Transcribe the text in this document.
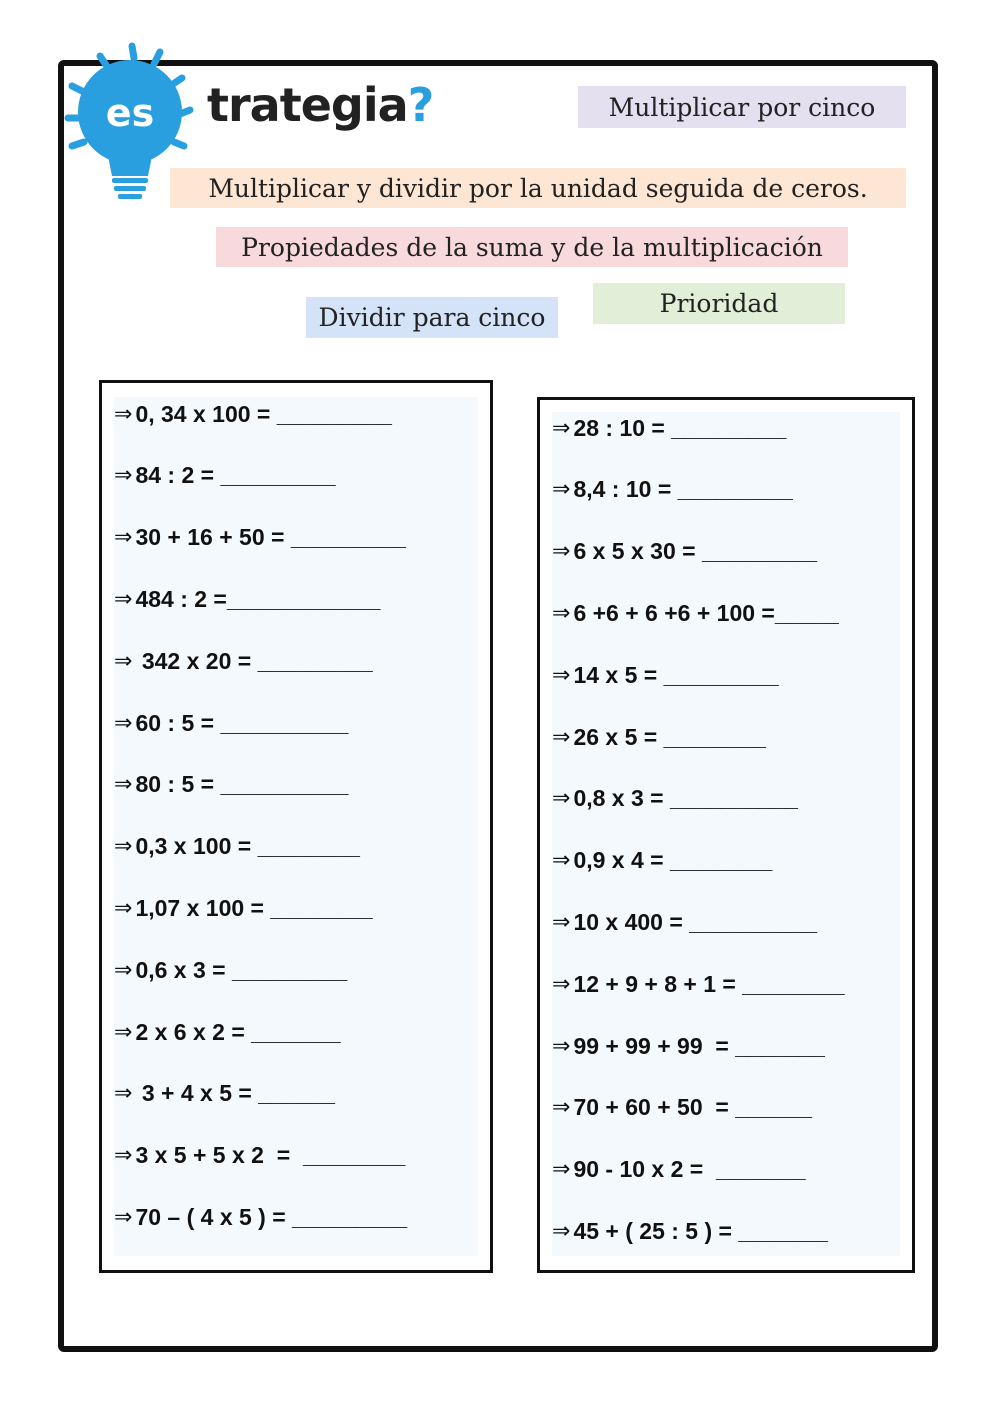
es trategia?	Multiplicar por cinco
Multiplicar y dividir por la unidad seguida de ceros.
Propiedades de la suma y de la multiplicación
Dividir para cinco	Prioridad
⇒ 0, 34 x 100 = _________
⇒ 84 : 2 = _________
⇒ 30 + 16 + 50 = _________
⇒ 484 : 2 =____________
⇒ 342 x 20 = _________
⇒ 60 : 5 = __________
⇒ 80 : 5 = __________
⇒ 0,3 x 100 = ________
⇒ 1,07 x 100 = ________
⇒ 0,6 x 3 = _________
⇒ 2 x 6 x 2 = _______
⇒ 3 + 4 x 5 = ______
⇒ 3 x 5 + 5 x 2  =  ________
⇒ 70 – ( 4 x 5 ) = _________
⇒ 28 : 10 = _________
⇒ 8,4 : 10 = _________
⇒ 6 x 5 x 30 = _________
⇒ 6 +6 + 6 +6 + 100 =_____
⇒ 14 x 5 = _________
⇒ 26 x 5 = ________
⇒ 0,8 x 3 = __________
⇒ 0,9 x 4 = ________
⇒ 10 x 400 = __________
⇒ 12 + 9 + 8 + 1 = ________
⇒ 99 + 99 + 99  = _______
⇒ 70 + 60 + 50  = ______
⇒ 90 - 10 x 2 =  _______
⇒ 45 + ( 25 : 5 ) = _______
